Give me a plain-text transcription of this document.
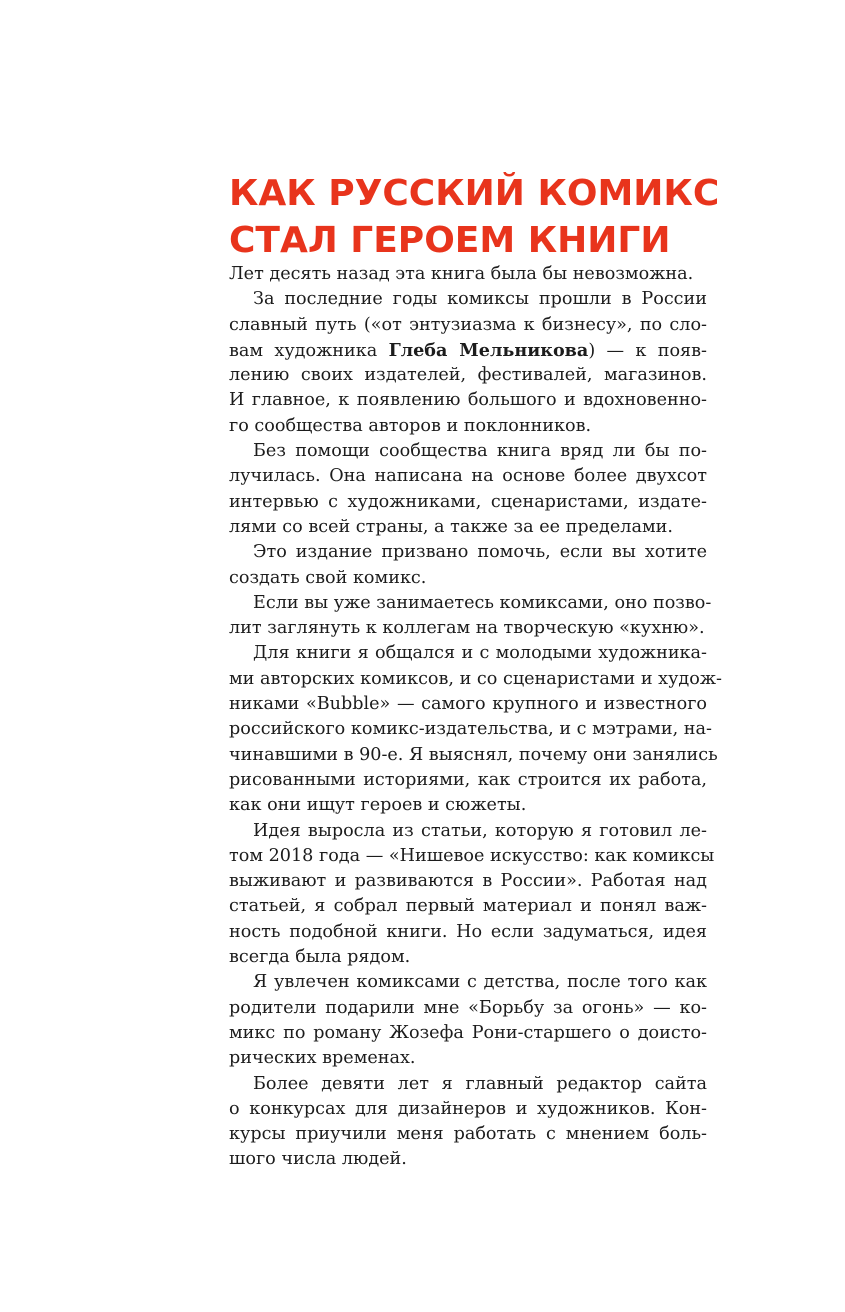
КАК РУССКИЙ КОМИКС
СТАЛ ГЕРОЕМ КНИГИ

Лет десять назад эта книга была бы невозможна.

За последние годы комиксы прошли в России
славный путь («от энтузиазма к бизнесу», по сло-
вам художника Глеба Мельникова) — к появ-
лению своих издателей, фестивалей, магазинов.
И главное, к появлению большого и вдохновенно-
го сообщества авторов и поклонников.

Без помощи сообщества книга вряд ли бы по-
лучилась. Она написана на основе более двухсот
интервью с художниками, сценаристами, издате-
лями со всей страны, а также за ее пределами.

Это издание призвано помочь, если вы хотите
создать свой комикс.

Если вы уже занимаетесь комиксами, оно позво-
лит заглянуть к коллегам на творческую «кухню».

Для книги я общался и с молодыми художника-
ми авторских комиксов, и со сценаристами и худож-
никами «Bubble» — самого крупного и известного
российского комикс-издательства, и с мэтрами, на-
чинавшими в 90-е. Я выяснял, почему они занялись
рисованными историями, как строится их работа,
как они ищут героев и сюжеты.

Идея выросла из статьи, которую я готовил ле-
том 2018 года — «Нишевое искусство: как комиксы
выживают и развиваются в России». Работая над
статьей, я собрал первый материал и понял важ-
ность подобной книги. Но если задуматься, идея
всегда была рядом.

Я увлечен комиксами с детства, после того как
родители подарили мне «Борьбу за огонь» — ко-
микс по роману Жозефа Рони-старшего о доисто-
рических временах.

Более девяти лет я главный редактор сайта
о конкурсах для дизайнеров и художников. Кон-
курсы приучили меня работать с мнением боль-
шого числа людей.
